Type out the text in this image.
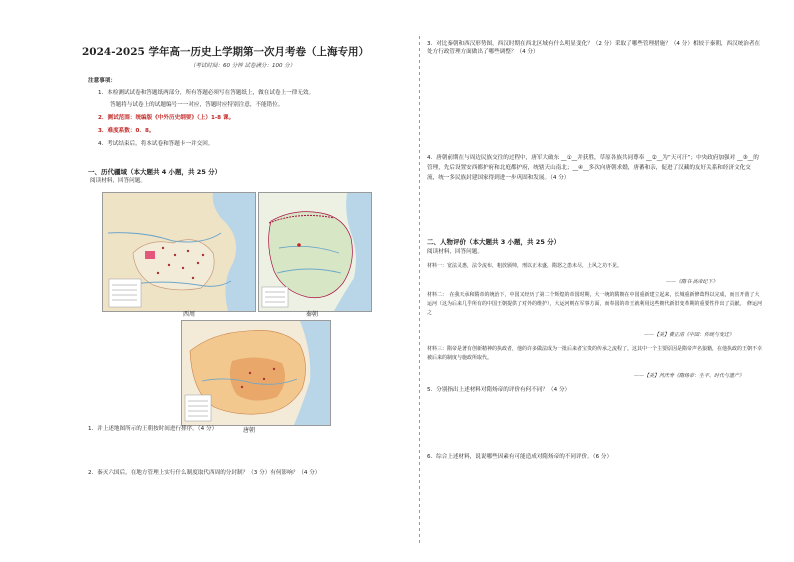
2024-2025 学年高一历史上学期第一次月考卷（上海专用）
（考试时间：60 分钟 试卷满分：100 分）
注意事项：
1．本检测试试卷和答题纸两部分，所有答题必须写在答题纸上，做在试卷上一律无效。
答题将与试卷上的试题编号一一对应，答题时应特别注意，不能错位。
2．测试范围：统编版《中外历史纲要》（上）1-8 课。
3．难度系数：0．8。
4．考试结束后，将本试卷和答题卡一并交回。
一、历代疆域（本大题共 4 小题，共 25 分）
阅读材料，回答问题。
西周	秦朝
唐朝
1．并上述地图所示的王朝按时间进行排序。（4 分）
2．秦灭六国后，在地方管理上实行什么制度取代西周的分封制？（3 分）有何影响？（4 分）
3．对比秦朝和西汉形势图，西汉时期在西北区域有什么明显变化？（2 分）采取了哪些管理措施？（4 分）相较于秦朝，西汉统治者在处方行政管理方面做出了哪些调整？（4 分）
4．唐朝前期在与周边民族交往的过程中，唐军大破东 __①__并获胜，草原各族共同尊奉 __②__为“天可汗”；中央政府加强对 __③__的管理，先后设置安西都护府和北庭都护府，统辖天山南北；__④__多次向唐朝求婚，唐蕃和亲，促进了汉藏的友好关系和经济文化交流，统一多民族封建国家得到进一步巩固和发展。（4 分）
二、人物评价（本大题共 3 小题，共 25 分）
阅读材料，回答问题。
材料一：宽法灵惠，法令流布，粗放颁帅，刑以正未盛，隋怒之患未尽，上风之功不见。
——《隋书·高帝纪下》
材料二：　在我天承和隋帝的统治下，中国又经历了第二个辉煌的帝国时期，大一统的隋朝在中国重新建立起来，长城重新修葺得以完成，而且开凿了大运河（这为后来几乎所有的中国王朝提供了对外的维护），大运河则在军事方面，而奉国的帝王就利用这些朝代新旧变革期的重要性作出了贡献。　修运河之
——【美】费正清《中国：传统与变迁》
材料三：隋帝是著有创新精神的执政者，他的许多做法成为一批后来者宝贵的传承之流程了。这其中一个主要原因是隋帝声名狼籍，在他执政的王朝不幸被后来的制度与施政所取代。
——【美】芮沃寿《隋炀帝：生平、时代与遗产》
5．分别指出上述材料对隋炀帝的评价有何不同？（4 分）
6．综合上述材料，说说哪些因素有可能造成对隋炀帝的不同评价。（6 分）
